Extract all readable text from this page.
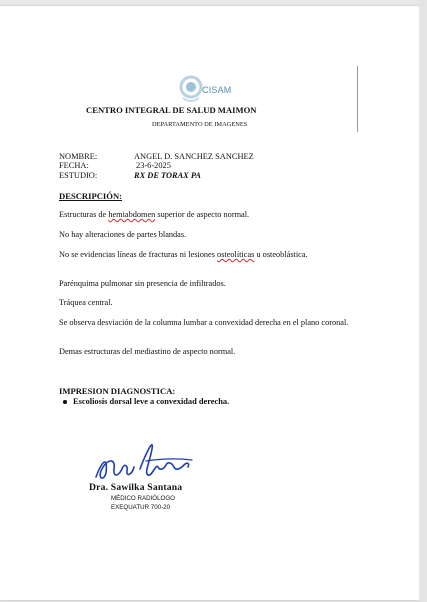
CISAM
CENTRO INTEGRAL DE SALUD MAIMON
DEPARTAMENTO DE IMAGENES
NOMBRE:	ANGEL D. SANCHEZ SANCHEZ
FECHA:	23-6-2025
ESTUDIO:	RX DE TORAX PA
DESCRIPCIÓN:
Estructuras de hemiabdomen superior de aspecto normal.
No hay alteraciones de partes blandas.
No se evidencias líneas de fracturas ni lesiones osteolíticas u osteoblástica.
Parénquima pulmonar sin presencia de infiltrados.
Tráquea central.
Se observa desviación de la columna lumbar a convexidad derecha en el plano coronal.
Demas estructuras del mediastino de aspecto normal.
IMPRESION DIAGNOSTICA:
Escoliosis dorsal leve a convexidad derecha.
Dra. Sawilka Santana
MÉDICO RADIÓLOGO
EXEQUATUR 700-20
